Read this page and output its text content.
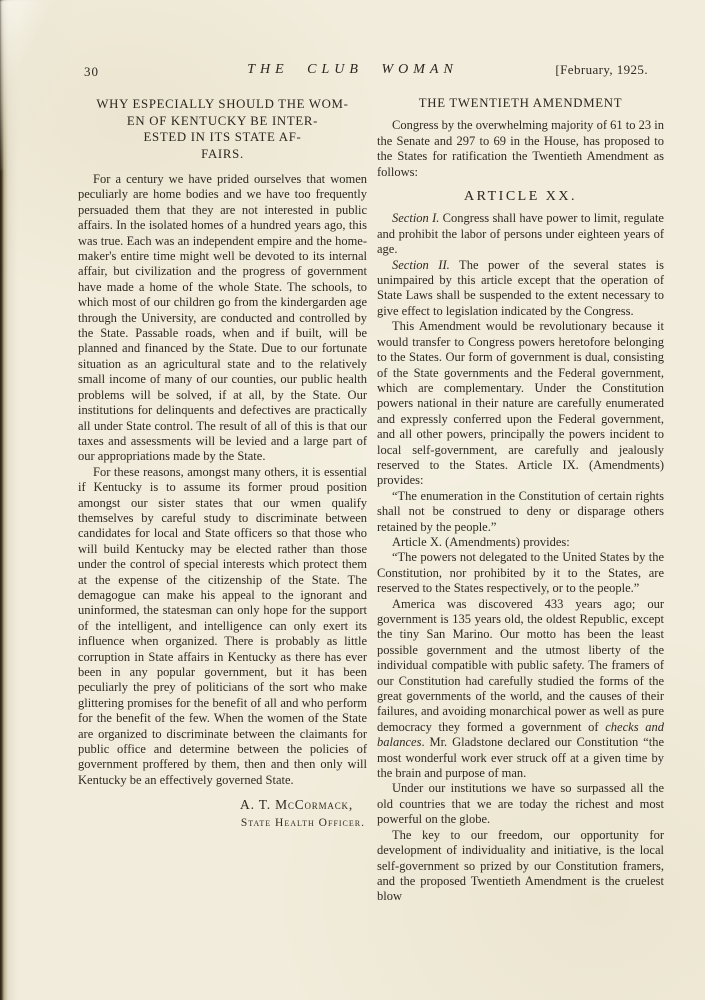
30	THE CLUB WOMAN	[February, 1925.
WHY ESPECIALLY SHOULD THE WOM-
EN OF KENTUCKY BE INTER-
ESTED IN ITS STATE AF-
FAIRS.

For a century we have prided ourselves that women peculiarly are home bodies and we have too frequently persuaded them that they are not interested in public affairs. In the isolated homes of a hundred years ago, this was true. Each was an independent empire and the home-maker's entire time might well be devoted to its internal affair, but civilization and the progress of government have made a home of the whole State. The schools, to which most of our children go from the kindergarden age through the University, are conducted and controlled by the State. Passable roads, when and if built, will be planned and financed by the State. Due to our fortunate situation as an agricultural state and to the relatively small income of many of our counties, our public health problems will be solved, if at all, by the State. Our institutions for delinquents and defectives are practically all under State control. The result of all of this is that our taxes and assessments will be levied and a large part of our appropriations made by the State.

For these reasons, amongst many others, it is essential if Kentucky is to assume its former proud position amongst our sister states that our wmen qualify themselves by careful study to discriminate between candidates for local and State officers so that those who will build Kentucky may be elected rather than those under the control of special interests which protect them at the expense of the citizenship of the State. The demagogue can make his appeal to the ignorant and uninformed, the statesman can only hope for the support of the intelligent, and intelligence can only exert its influence when organized. There is probably as little corruption in State affairs in Kentucky as there has ever been in any popular government, but it has been peculiarly the prey of politicians of the sort who make glittering promises for the benefit of all and who perform for the benefit of the few. When the women of the State are organized to discriminate between the claimants for public office and determine between the policies of government proffered by them, then and then only will Kentucky be an effectively governed State.

A. T. McCormack,
State Health Officer.
THE TWENTIETH AMENDMENT

Congress by the overwhelming majority of 61 to 23 in the Senate and 297 to 69 in the House, has proposed to the States for ratification the Twentieth Amendment as follows:

ARTICLE XX.

Section I. Congress shall have power to limit, regulate and prohibit the labor of persons under eighteen years of age.

Section II. The power of the several states is unimpaired by this article except that the operation of State Laws shall be suspended to the extent necessary to give effect to legislation indicated by the Congress.

This Amendment would be revolutionary because it would transfer to Congress powers heretofore belonging to the States. Our form of government is dual, consisting of the State governments and the Federal government, which are complementary. Under the Constitution powers national in their nature are carefully enumerated and expressly conferred upon the Federal government, and all other powers, principally the powers incident to local self-government, are carefully and jealously reserved to the States. Article IX. (Amendments) provides:

“The enumeration in the Constitution of certain rights shall not be construed to deny or disparage others retained by the people.”

Article X. (Amendments) provides:

“The powers not delegated to the United States by the Constitution, nor prohibited by it to the States, are reserved to the States respectively, or to the people.”

America was discovered 433 years ago; our government is 135 years old, the oldest Republic, except the tiny San Marino. Our motto has been the least possible government and the utmost liberty of the individual compatible with public safety. The framers of our Constitution had carefully studied the forms of the great governments of the world, and the causes of their failures, and avoiding monarchical power as well as pure democracy they formed a government of checks and balances. Mr. Gladstone declared our Constitution “the most wonderful work ever struck off at a given time by the brain and purpose of man.

Under our institutions we have so surpassed all the old countries that we are today the richest and most powerful on the globe.

The key to our freedom, our opportunity for development of individuality and initiative, is the local self-government so prized by our Constitution framers, and the proposed Twentieth Amendment is the cruelest blow
